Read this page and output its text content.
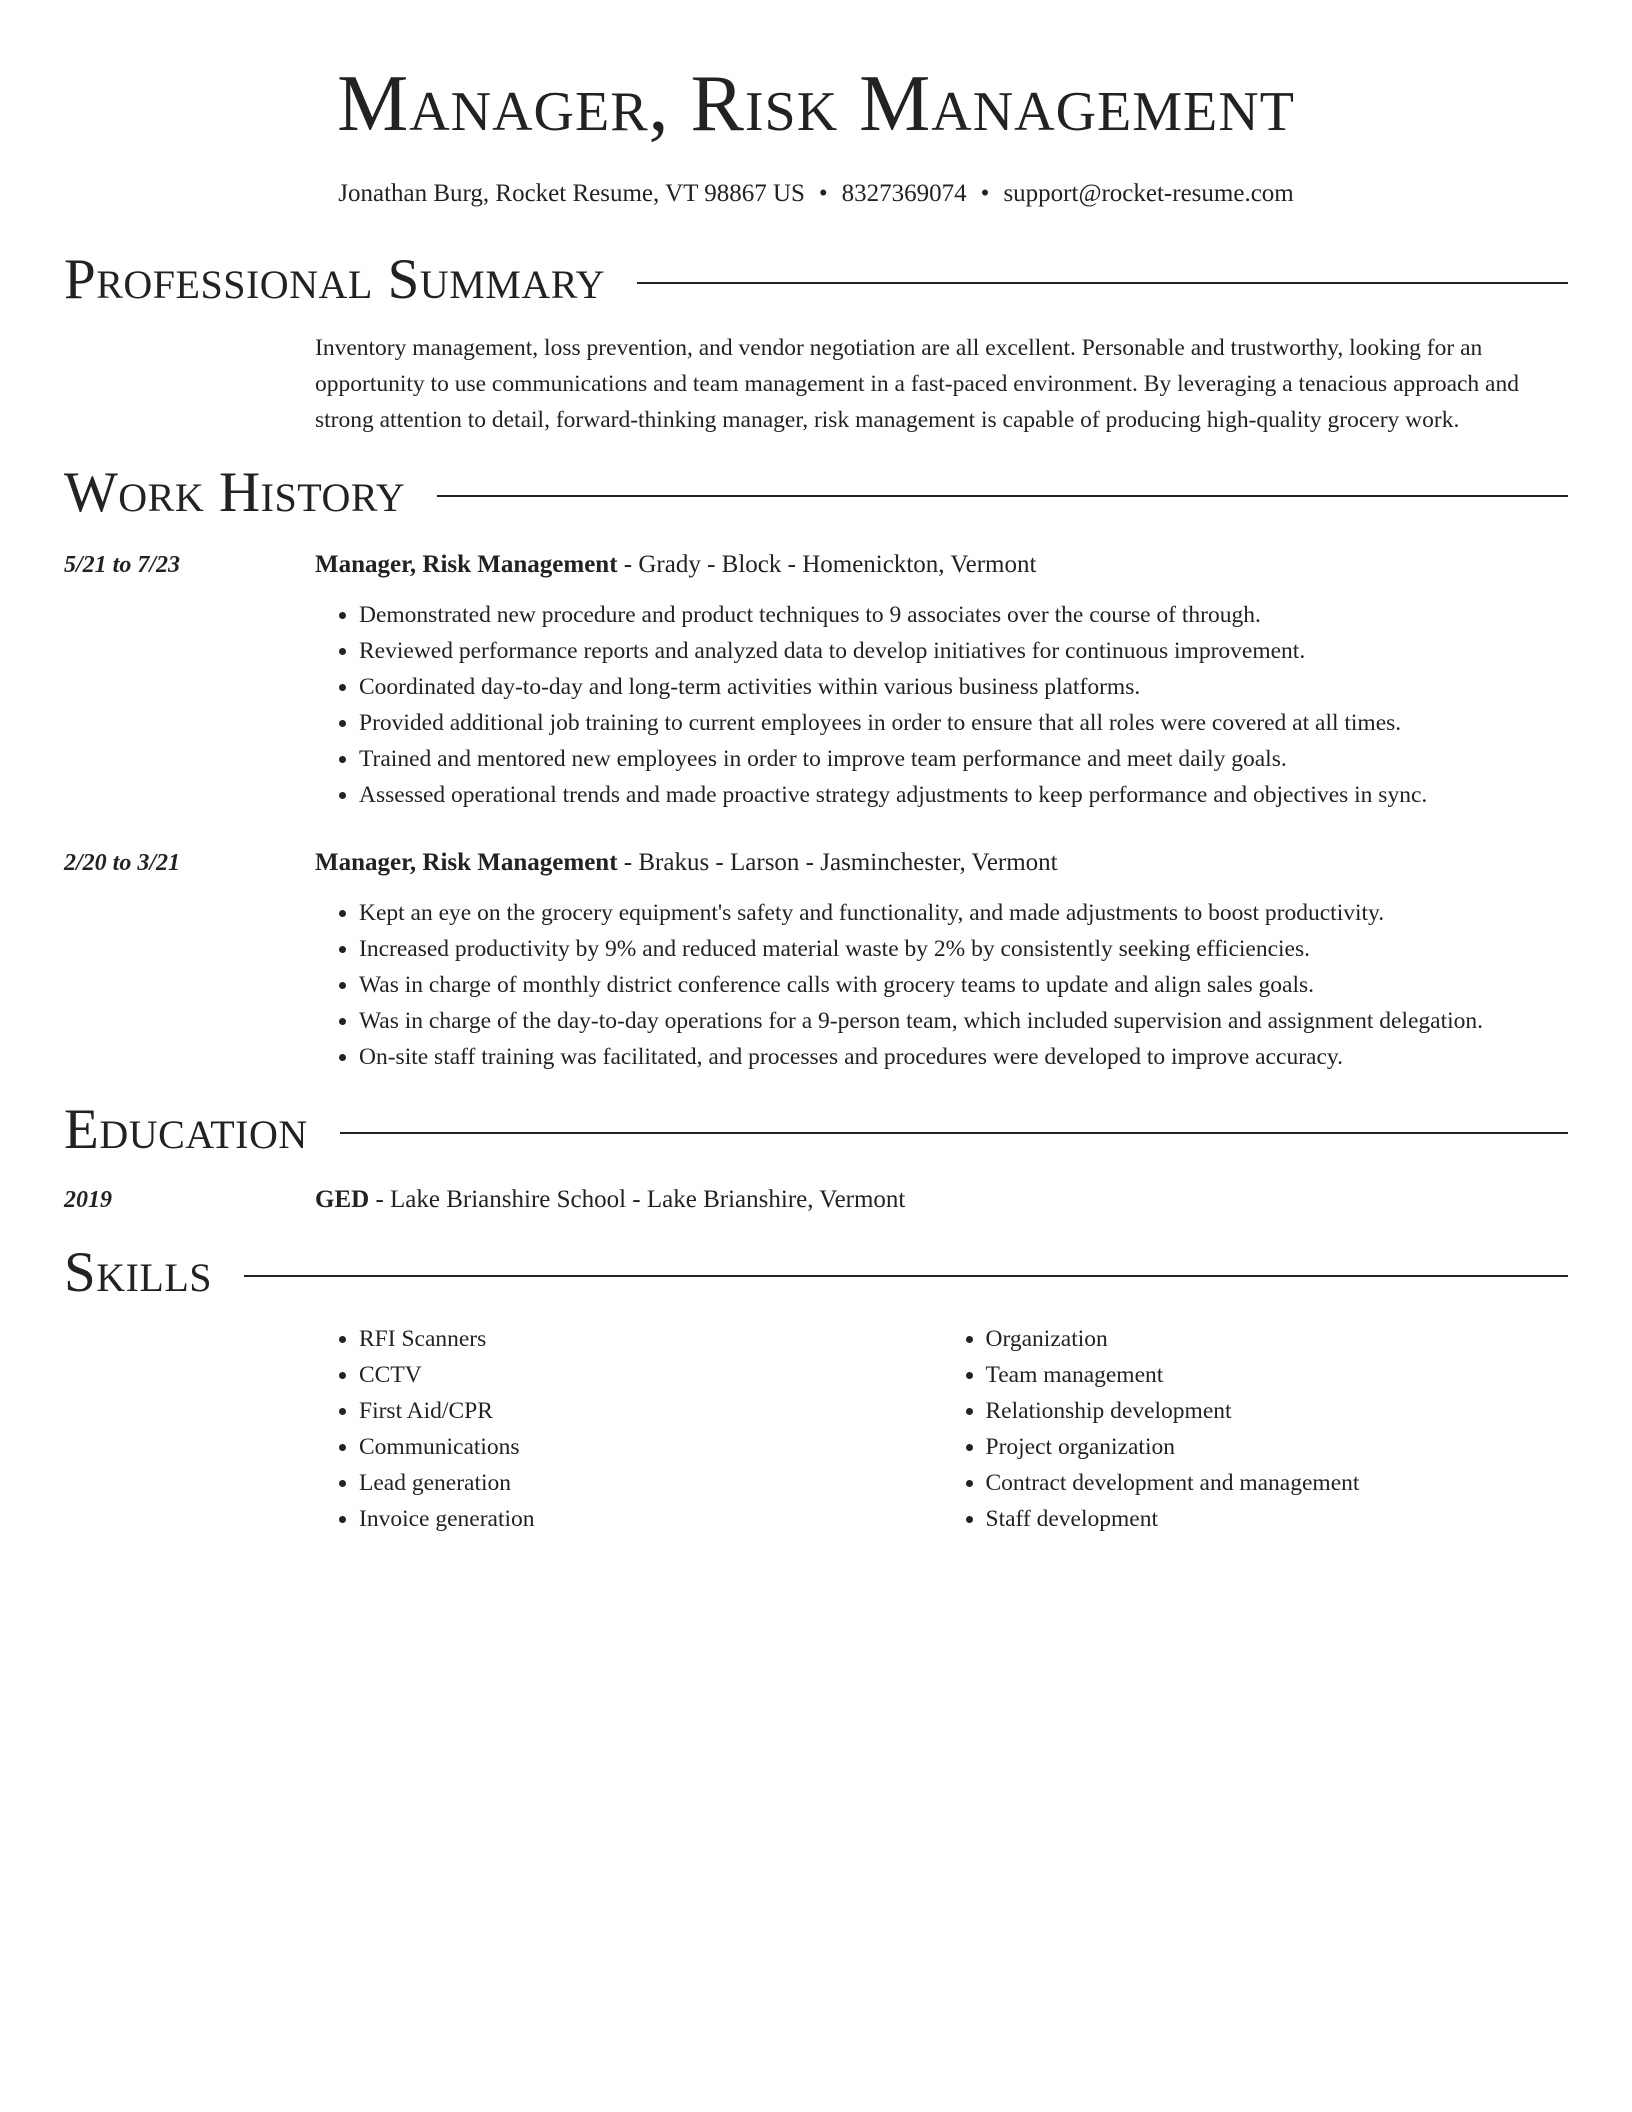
Manager, Risk Management
Jonathan Burg, Rocket Resume, VT 98867 US • 8327369074 • support@rocket-resume.com
Professional Summary
Inventory management, loss prevention, and vendor negotiation are all excellent. Personable and trustworthy, looking for an opportunity to use communications and team management in a fast-paced environment. By leveraging a tenacious approach and strong attention to detail, forward-thinking manager, risk management is capable of producing high-quality grocery work.
Work History
5/21 to 7/23	Manager, Risk Management - Grady - Block - Homenickton, Vermont
• Demonstrated new procedure and product techniques to 9 associates over the course of through.
• Reviewed performance reports and analyzed data to develop initiatives for continuous improvement.
• Coordinated day-to-day and long-term activities within various business platforms.
• Provided additional job training to current employees in order to ensure that all roles were covered at all times.
• Trained and mentored new employees in order to improve team performance and meet daily goals.
• Assessed operational trends and made proactive strategy adjustments to keep performance and objectives in sync.
2/20 to 3/21	Manager, Risk Management - Brakus - Larson - Jasminchester, Vermont
• Kept an eye on the grocery equipment's safety and functionality, and made adjustments to boost productivity.
• Increased productivity by 9% and reduced material waste by 2% by consistently seeking efficiencies.
• Was in charge of monthly district conference calls with grocery teams to update and align sales goals.
• Was in charge of the day-to-day operations for a 9-person team, which included supervision and assignment delegation.
• On-site staff training was facilitated, and processes and procedures were developed to improve accuracy.
Education
2019	GED - Lake Brianshire School - Lake Brianshire, Vermont
Skills
• RFI Scanners
• CCTV
• First Aid/CPR
• Communications
• Lead generation
• Invoice generation
• Organization
• Team management
• Relationship development
• Project organization
• Contract development and management
• Staff development
